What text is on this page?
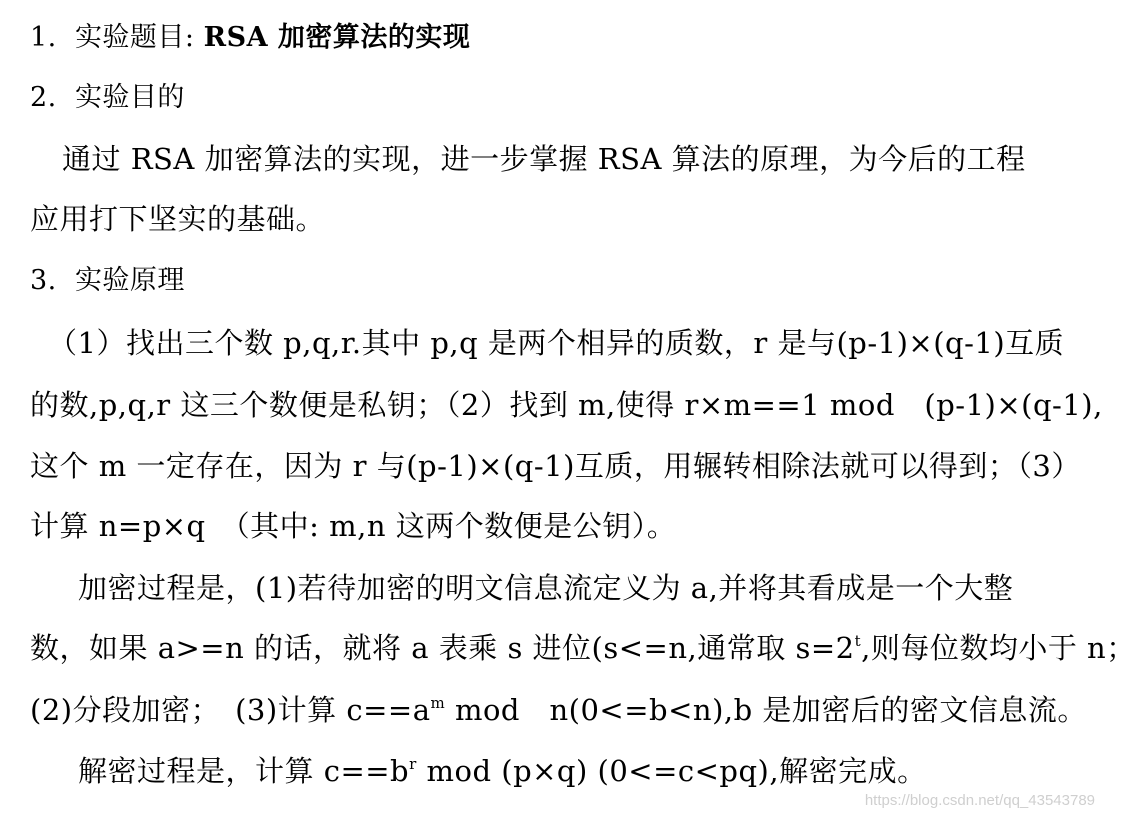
1. 实验题目: RSA 加密算法的实现
2. 实验目的
通过 RSA 加密算法的实现，进一步掌握 RSA 算法的原理，为今后的工程
应用打下坚实的基础。
3. 实验原理
（1）找出三个数 p,q,r.其中 p,q 是两个相异的质数，r 是与(p-1)×(q-1)互质
的数,p,q,r 这三个数便是私钥；（2）找到 m,使得 r×m==1 mod　(p-1)×(q-1),
这个 m 一定存在，因为 r 与(p-1)×(q-1)互质，用辗转相除法就可以得到；（3）
计算 n=p×q　（其中: m,n 这两个数便是公钥）。
加密过程是，(1)若待加密的明文信息流定义为 a,并将其看成是一个大整
数，如果 a>=n 的话，就将 a 表乘 s 进位(s<=n,通常取 $s=2^t$,则每位数均小于 n；
(2)分段加密；　(3)计算 $c==a^m$ mod　n(0<=b<n),b 是加密后的密文信息流。
解密过程是，计算 $c==b^r$ mod (p×q) (0<=c<pq),解密完成。
https://blog.csdn.net/qq_43543789
